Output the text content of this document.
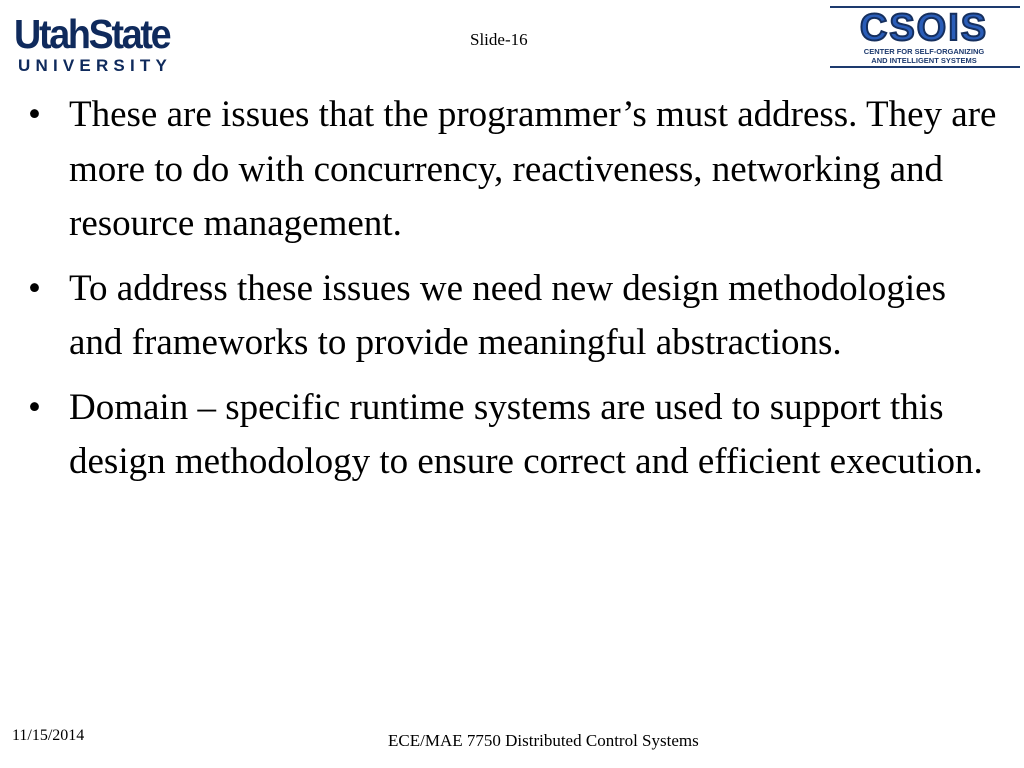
UtahState
UNIVERSITY
Slide-16	CSOIS
CENTER FOR SELF-ORGANIZING
AND INTELLIGENT SYSTEMS
• These are issues that the programmer’s must address. They are more to do with concurrency, reactiveness, networking and resource management.
• To address these issues we need new design methodologies and frameworks to provide meaningful abstractions.
• Domain – specific runtime systems are used to support this design methodology to ensure correct and efficient execution.
11/15/2014	ECE/MAE 7750 Distributed Control Systems
